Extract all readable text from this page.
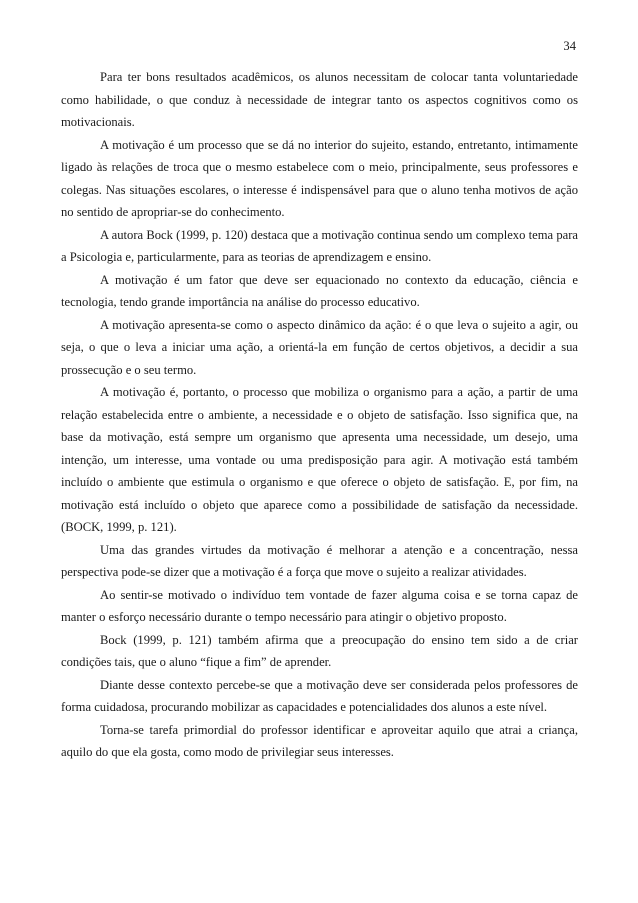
34

Para ter bons resultados acadêmicos, os alunos necessitam de colocar tanta voluntariedade como habilidade, o que conduz à necessidade de integrar tanto os aspectos cognitivos como os motivacionais.

A motivação é um processo que se dá no interior do sujeito, estando, entretanto, intimamente ligado às relações de troca que o mesmo estabelece com o meio, principalmente, seus professores e colegas. Nas situações escolares, o interesse é indispensável para que o aluno tenha motivos de ação no sentido de apropriar-se do conhecimento.

A autora Bock (1999, p. 120) destaca que a motivação continua sendo um complexo tema para a Psicologia e, particularmente, para as teorias de aprendizagem e ensino.

A motivação é um fator que deve ser equacionado no contexto da educação, ciência e tecnologia, tendo grande importância na análise do processo educativo.

A motivação apresenta-se como o aspecto dinâmico da ação: é o que leva o sujeito a agir, ou seja, o que o leva a iniciar uma ação, a orientá-la em função de certos objetivos, a decidir a sua prossecução e o seu termo.

A motivação é, portanto, o processo que mobiliza o organismo para a ação, a partir de uma relação estabelecida entre o ambiente, a necessidade e o objeto de satisfação. Isso significa que, na base da motivação, está sempre um organismo que apresenta uma necessidade, um desejo, uma intenção, um interesse, uma vontade ou uma predisposição para agir. A motivação está também incluído o ambiente que estimula o organismo e que oferece o objeto de satisfação. E, por fim, na motivação está incluído o objeto que aparece como a possibilidade de satisfação da necessidade. (BOCK, 1999, p. 121).

Uma das grandes virtudes da motivação é melhorar a atenção e a concentração, nessa perspectiva pode-se dizer que a motivação é a força que move o sujeito a realizar atividades.

Ao sentir-se motivado o indivíduo tem vontade de fazer alguma coisa e se torna capaz de manter o esforço necessário durante o tempo necessário para atingir o objetivo proposto.

Bock (1999, p. 121) também afirma que a preocupação do ensino tem sido a de criar condições tais, que o aluno “fique a fim” de aprender.

Diante desse contexto percebe-se que a motivação deve ser considerada pelos professores de forma cuidadosa, procurando mobilizar as capacidades e potencialidades dos alunos a este nível.

Torna-se tarefa primordial do professor identificar e aproveitar aquilo que atrai a criança, aquilo do que ela gosta, como modo de privilegiar seus interesses.
